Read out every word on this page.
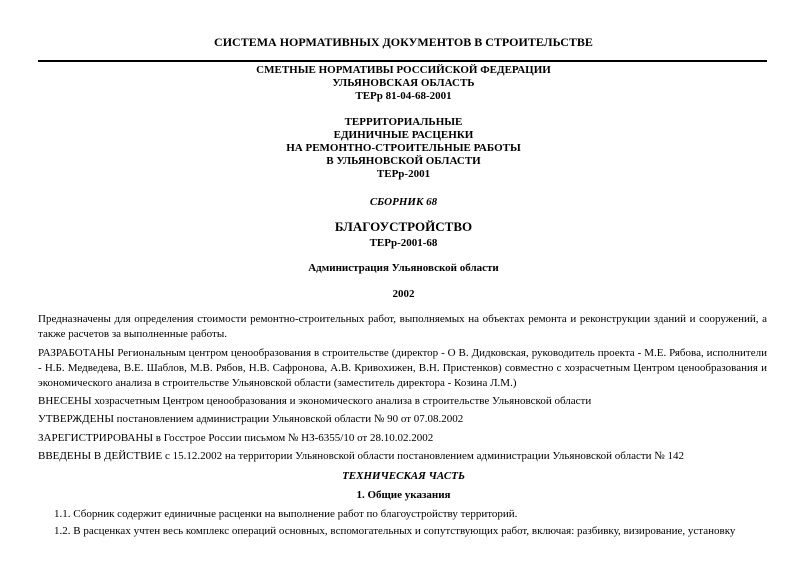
СИСТЕМА НОРМАТИВНЫХ ДОКУМЕНТОВ В СТРОИТЕЛЬСТВЕ
СМЕТНЫЕ НОРМАТИВЫ РОССИЙСКОЙ ФЕДЕРАЦИИ
УЛЬЯНОВСКАЯ ОБЛАСТЬ
ТЕРр 81-04-68-2001
ТЕРРИТОРИАЛЬНЫЕ
ЕДИНИЧНЫЕ РАСЦЕНКИ
НА РЕМОНТНО-СТРОИТЕЛЬНЫЕ РАБОТЫ
В УЛЬЯНОВСКОЙ ОБЛАСТИ
ТЕРр-2001
СБОРНИК 68
БЛАГОУСТРОЙСТВО
ТЕРр-2001-68
Администрация Ульяновской области
2002
Предназначены для определения стоимости ремонтно-строительных работ, выполняемых на объектах ремонта и реконструкции зданий и сооружений, а также расчетов за выполненные работы.
РАЗРАБОТАНЫ Региональным центром ценообразования в строительстве (директор - О В. Дидковская, руководитель проекта - М.Е. Рябова, исполнители - Н.Б. Медведева, В.Е. Шаблов, М.В. Рябов, Н.В. Сафронова, А.В. Кривохижен, В.Н. Пристенков) совместно с хозрасчетным Центром ценообразования и экономического анализа в строительстве Ульяновской области (заместитель директора - Козина Л.М.)
ВНЕСЕНЫ хозрасчетным Центром ценообразования и экономического анализа в строительстве Ульяновской области
УТВЕРЖДЕНЫ постановлением администрации Ульяновской области № 90 от 07.08.2002
ЗАРЕГИСТРИРОВАНЫ в Госстрое России письмом № НЗ-6355/10 от 28.10.02.2002
ВВЕДЕНЫ В ДЕЙСТВИЕ с 15.12.2002 на территории Ульяновской области постановлением администрации Ульяновской области № 142
ТЕХНИЧЕСКАЯ ЧАСТЬ
1. Общие указания
1.1. Сборник содержит единичные расценки на выполнение работ по благоустройству территорий.
1.2. В расценках учтен весь комплекс операций основных, вспомогательных и сопутствующих работ, включая: разбивку, визирование, установку
